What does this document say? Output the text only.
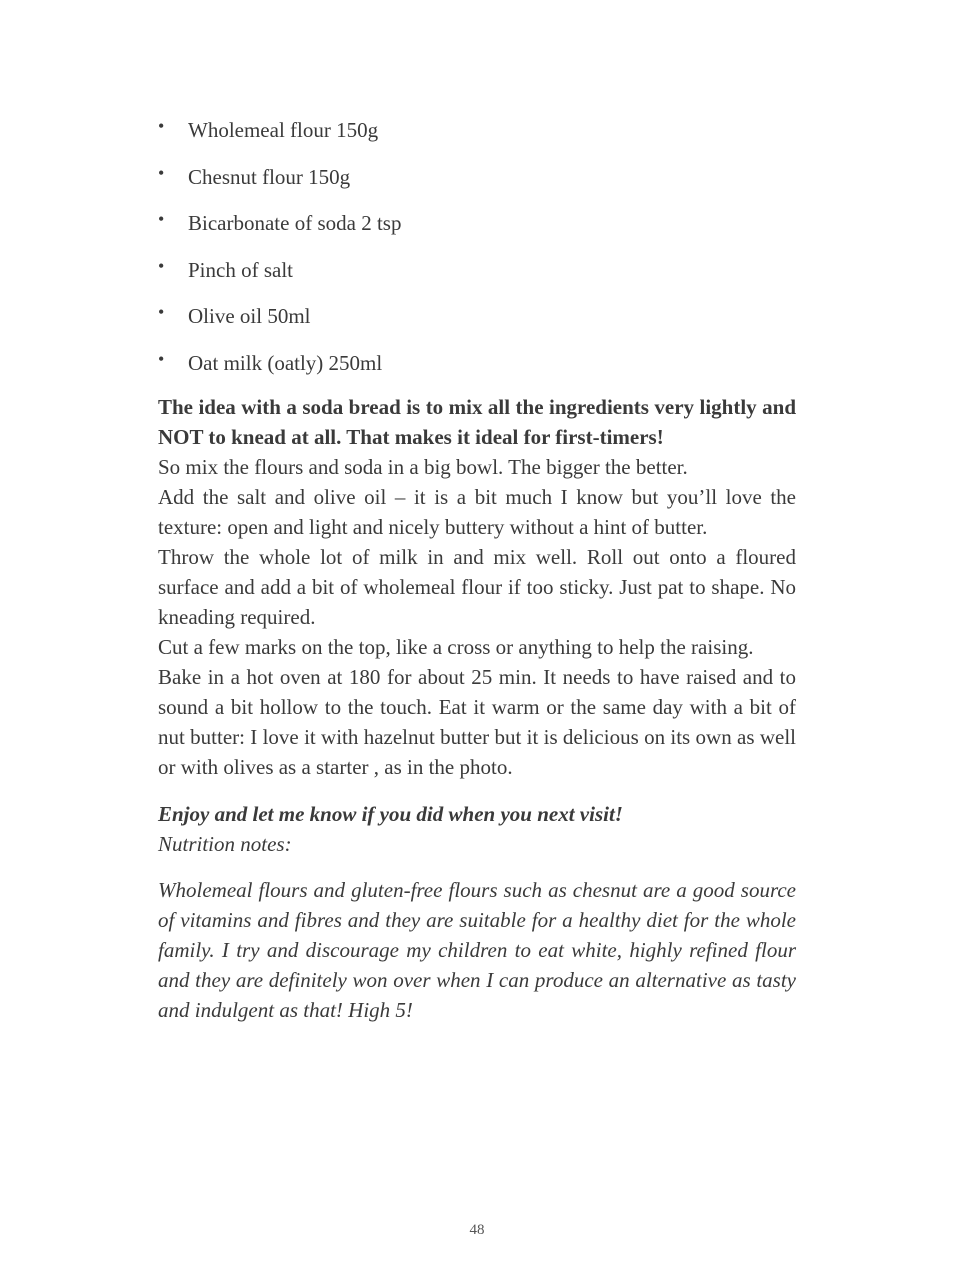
• Wholemeal flour 150g
• Chesnut flour 150g
• Bicarbonate of soda 2 tsp
• Pinch of salt
• Olive oil 50ml
• Oat milk (oatly) 250ml

The idea with a soda bread is to mix all the ingredients very lightly and NOT to knead at all. That makes it ideal for first-timers!

So mix the flours and soda in a big bowl. The bigger the better.

Add the salt and olive oil – it is a bit much I know but you’ll love the texture: open and light and nicely buttery without a hint of butter.

Throw the whole lot of milk in and mix well. Roll out onto a floured surface and add a bit of wholemeal flour if too sticky. Just pat to shape. No kneading required.

Cut a few marks on the top, like a cross or anything to help the raising.

Bake in a hot oven at 180 for about 25 min. It needs to have raised and to sound a bit hollow to the touch. Eat it warm or the same day with a bit of nut butter: I love it with hazelnut butter but it is delicious on its own as well or with olives as a starter , as in the photo.

Enjoy and let me know if you did when you next visit!

Nutrition notes:

Wholemeal flours and gluten-free flours such as chesnut are a good source of vitamins and fibres and they are suitable for a healthy diet for the whole family. I try and discourage my children to eat white, highly refined flour and they are definitely won over when I can produce an alternative as tasty and indulgent as that! High 5!

48
